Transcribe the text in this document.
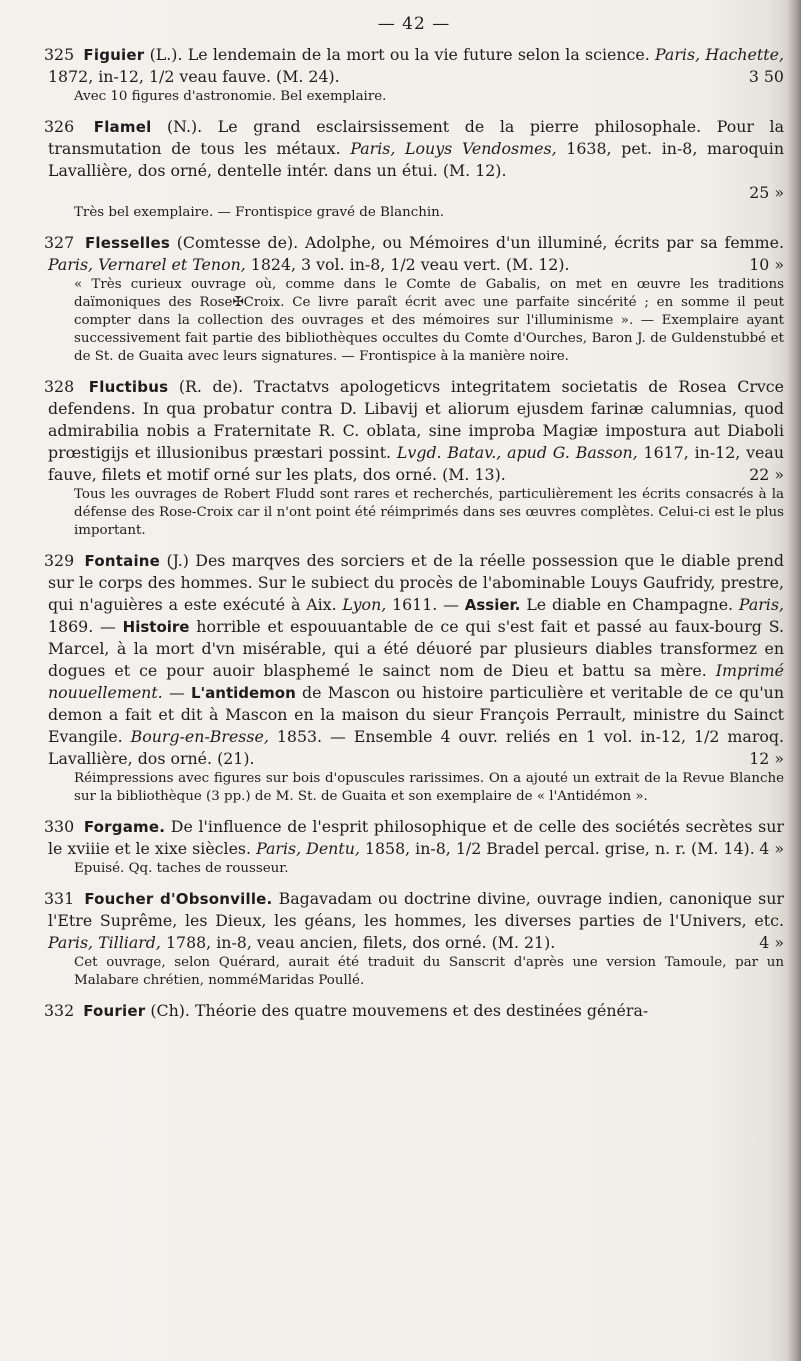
— 42 —

325 Figuier (L.). Le lendemain de la mort ou la vie future selon la science. Paris, Hachette, 1872, in-12, 1/2 veau fauve. (M. 24).	3 50

Avec 10 figures d'astronomie. Bel exemplaire.

326 Flamel (N.). Le grand esclairsissement de la pierre philosophale. Pour la transmutation de tous les métaux. Paris, Louys Vendosmes, 1638, pet. in-8, maroquin Lavallière, dos orné, dentelle intér. dans un étui. (M. 12).

25 »

Très bel exemplaire. — Frontispice gravé de Blanchin.

327 Flesselles (Comtesse de). Adolphe, ou Mémoires d'un illuminé, écrits par sa femme. Paris, Vernarel et Tenon, 1824, 3 vol. in-8, 1/2 veau vert. (M. 12).	10 »

« Très curieux ouvrage où, comme dans le Comte de Gabalis, on met en œuvre les traditions daïmoniques des Rose✠Croix. Ce livre paraît écrit avec une parfaite sincérité ; en somme il peut compter dans la collection des ouvrages et des mémoires sur l'illuminisme ». — Exemplaire ayant successivement fait partie des bibliothèques occultes du Comte d'Ourches, Baron J. de Guldenstubbé et de St. de Guaita avec leurs signatures. — Frontispice à la manière noire.

328 Fluctibus (R. de). Tractatvs apologeticvs integritatem societatis de Rosea Crvce defendens. In qua probatur contra D. Libavij et aliorum ejusdem farinæ calumnias, quod admirabilia nobis a Fraternitate R. C. oblata, sine improba Magiæ impostura aut Diaboli prœstigijs et illusionibus præstari possint. Lvgd. Batav., apud G. Basson, 1617, in-12, veau fauve, filets et motif orné sur les plats, dos orné. (M. 13).	22 »

Tous les ouvrages de Robert Fludd sont rares et recherchés, particulièrement les écrits consacrés à la défense des Rose-Croix car il n'ont point été réimprimés dans ses œuvres complètes. Celui-ci est le plus important.

329 Fontaine (J.) Des marqves des sorciers et de la réelle possession que le diable prend sur le corps des hommes. Sur le subiect du procès de l'abominable Louys Gaufridy, prestre, qui n'aguières a este exécuté à Aix. Lyon, 1611. — Assier. Le diable en Champagne. Paris, 1869. — Histoire horrible et espouuantable de ce qui s'est fait et passé au faux-bourg S. Marcel, à la mort d'vn misérable, qui a été déuoré par plusieurs diables transformez en dogues et ce pour auoir blasphemé le sainct nom de Dieu et battu sa mère. Imprimé nouuellement. — L'antidemon de Mascon ou histoire particulière et veritable de ce qu'un demon a fait et dit à Mascon en la maison du sieur François Perrault, ministre du Sainct Evangile. Bourg-en-Bresse, 1853. — Ensemble 4 ouvr. reliés en 1 vol. in-12, 1/2 maroq. Lavallière, dos orné. (21).	12 »

Réimpressions avec figures sur bois d'opuscules rarissimes. On a ajouté un extrait de la Revue Blanche sur la bibliothèque (3 pp.) de M. St. de Guaita et son exemplaire de « l'Antidémon ».

330 Forgame. De l'influence de l'esprit philosophique et de celle des sociétés secrètes sur le xviiie et le xixe siècles. Paris, Dentu, 1858, in-8, 1/2 Bradel percal. grise, n. r. (M. 14). 4 »

Epuisé. Qq. taches de rousseur.

331 Foucher d'Obsonville. Bagavadam ou doctrine divine, ouvrage indien, canonique sur l'Etre Suprême, les Dieux, les géans, les hommes, les diverses parties de l'Univers, etc. Paris, Tilliard, 1788, in-8, veau ancien, filets, dos orné. (M. 21).	4 »

Cet ouvrage, selon Quérard, aurait été traduit du Sanscrit d'après une version Tamoule, par un Malabare chrétien, nomméMaridas Poullé.

332 Fourier (Ch). Théorie des quatre mouvemens et des destinées généra-
